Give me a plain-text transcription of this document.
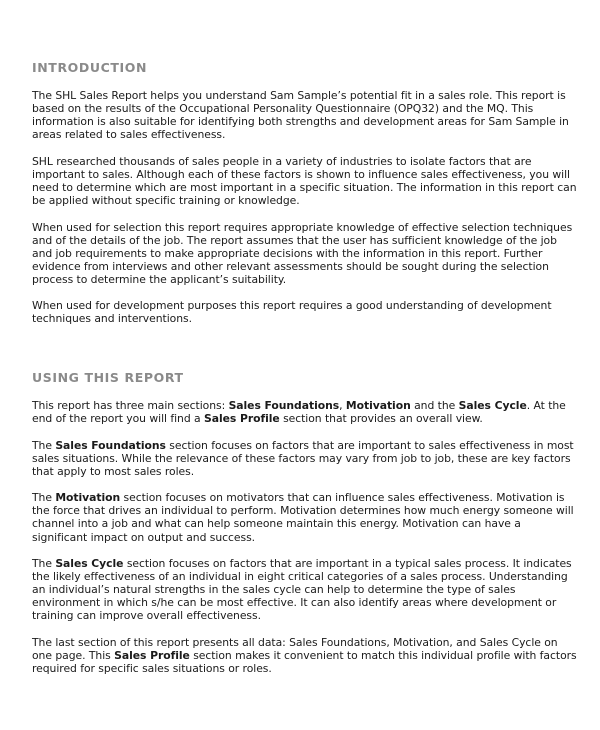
INTRODUCTION

The SHL Sales Report helps you understand Sam Sample’s potential fit in a sales role. This report is based on the results of the Occupational Personality Questionnaire (OPQ32) and the MQ. This information is also suitable for identifying both strengths and development areas for Sam Sample in areas related to sales effectiveness.

SHL researched thousands of sales people in a variety of industries to isolate factors that are important to sales. Although each of these factors is shown to influence sales effectiveness, you will need to determine which are most important in a specific situation. The information in this report can be applied without specific training or knowledge.

When used for selection this report requires appropriate knowledge of effective selection techniques and of the details of the job. The report assumes that the user has sufficient knowledge of the job and job requirements to make appropriate decisions with the information in this report. Further evidence from interviews and other relevant assessments should be sought during the selection process to determine the applicant’s suitability.

When used for development purposes this report requires a good understanding of development techniques and interventions.

USING THIS REPORT

This report has three main sections: Sales Foundations, Motivation and the Sales Cycle. At the end of the report you will find a Sales Profile section that provides an overall view.

The Sales Foundations section focuses on factors that are important to sales effectiveness in most sales situations. While the relevance of these factors may vary from job to job, these are key factors that apply to most sales roles.

The Motivation section focuses on motivators that can influence sales effectiveness. Motivation is the force that drives an individual to perform. Motivation determines how much energy someone will channel into a job and what can help someone maintain this energy. Motivation can have a significant impact on output and success.

The Sales Cycle section focuses on factors that are important in a typical sales process. It indicates the likely effectiveness of an individual in eight critical categories of a sales process. Understanding an individual’s natural strengths in the sales cycle can help to determine the type of sales environment in which s/he can be most effective. It can also identify areas where development or training can improve overall effectiveness.

The last section of this report presents all data: Sales Foundations, Motivation, and Sales Cycle on one page. This Sales Profile section makes it convenient to match this individual profile with factors required for specific sales situations or roles.
